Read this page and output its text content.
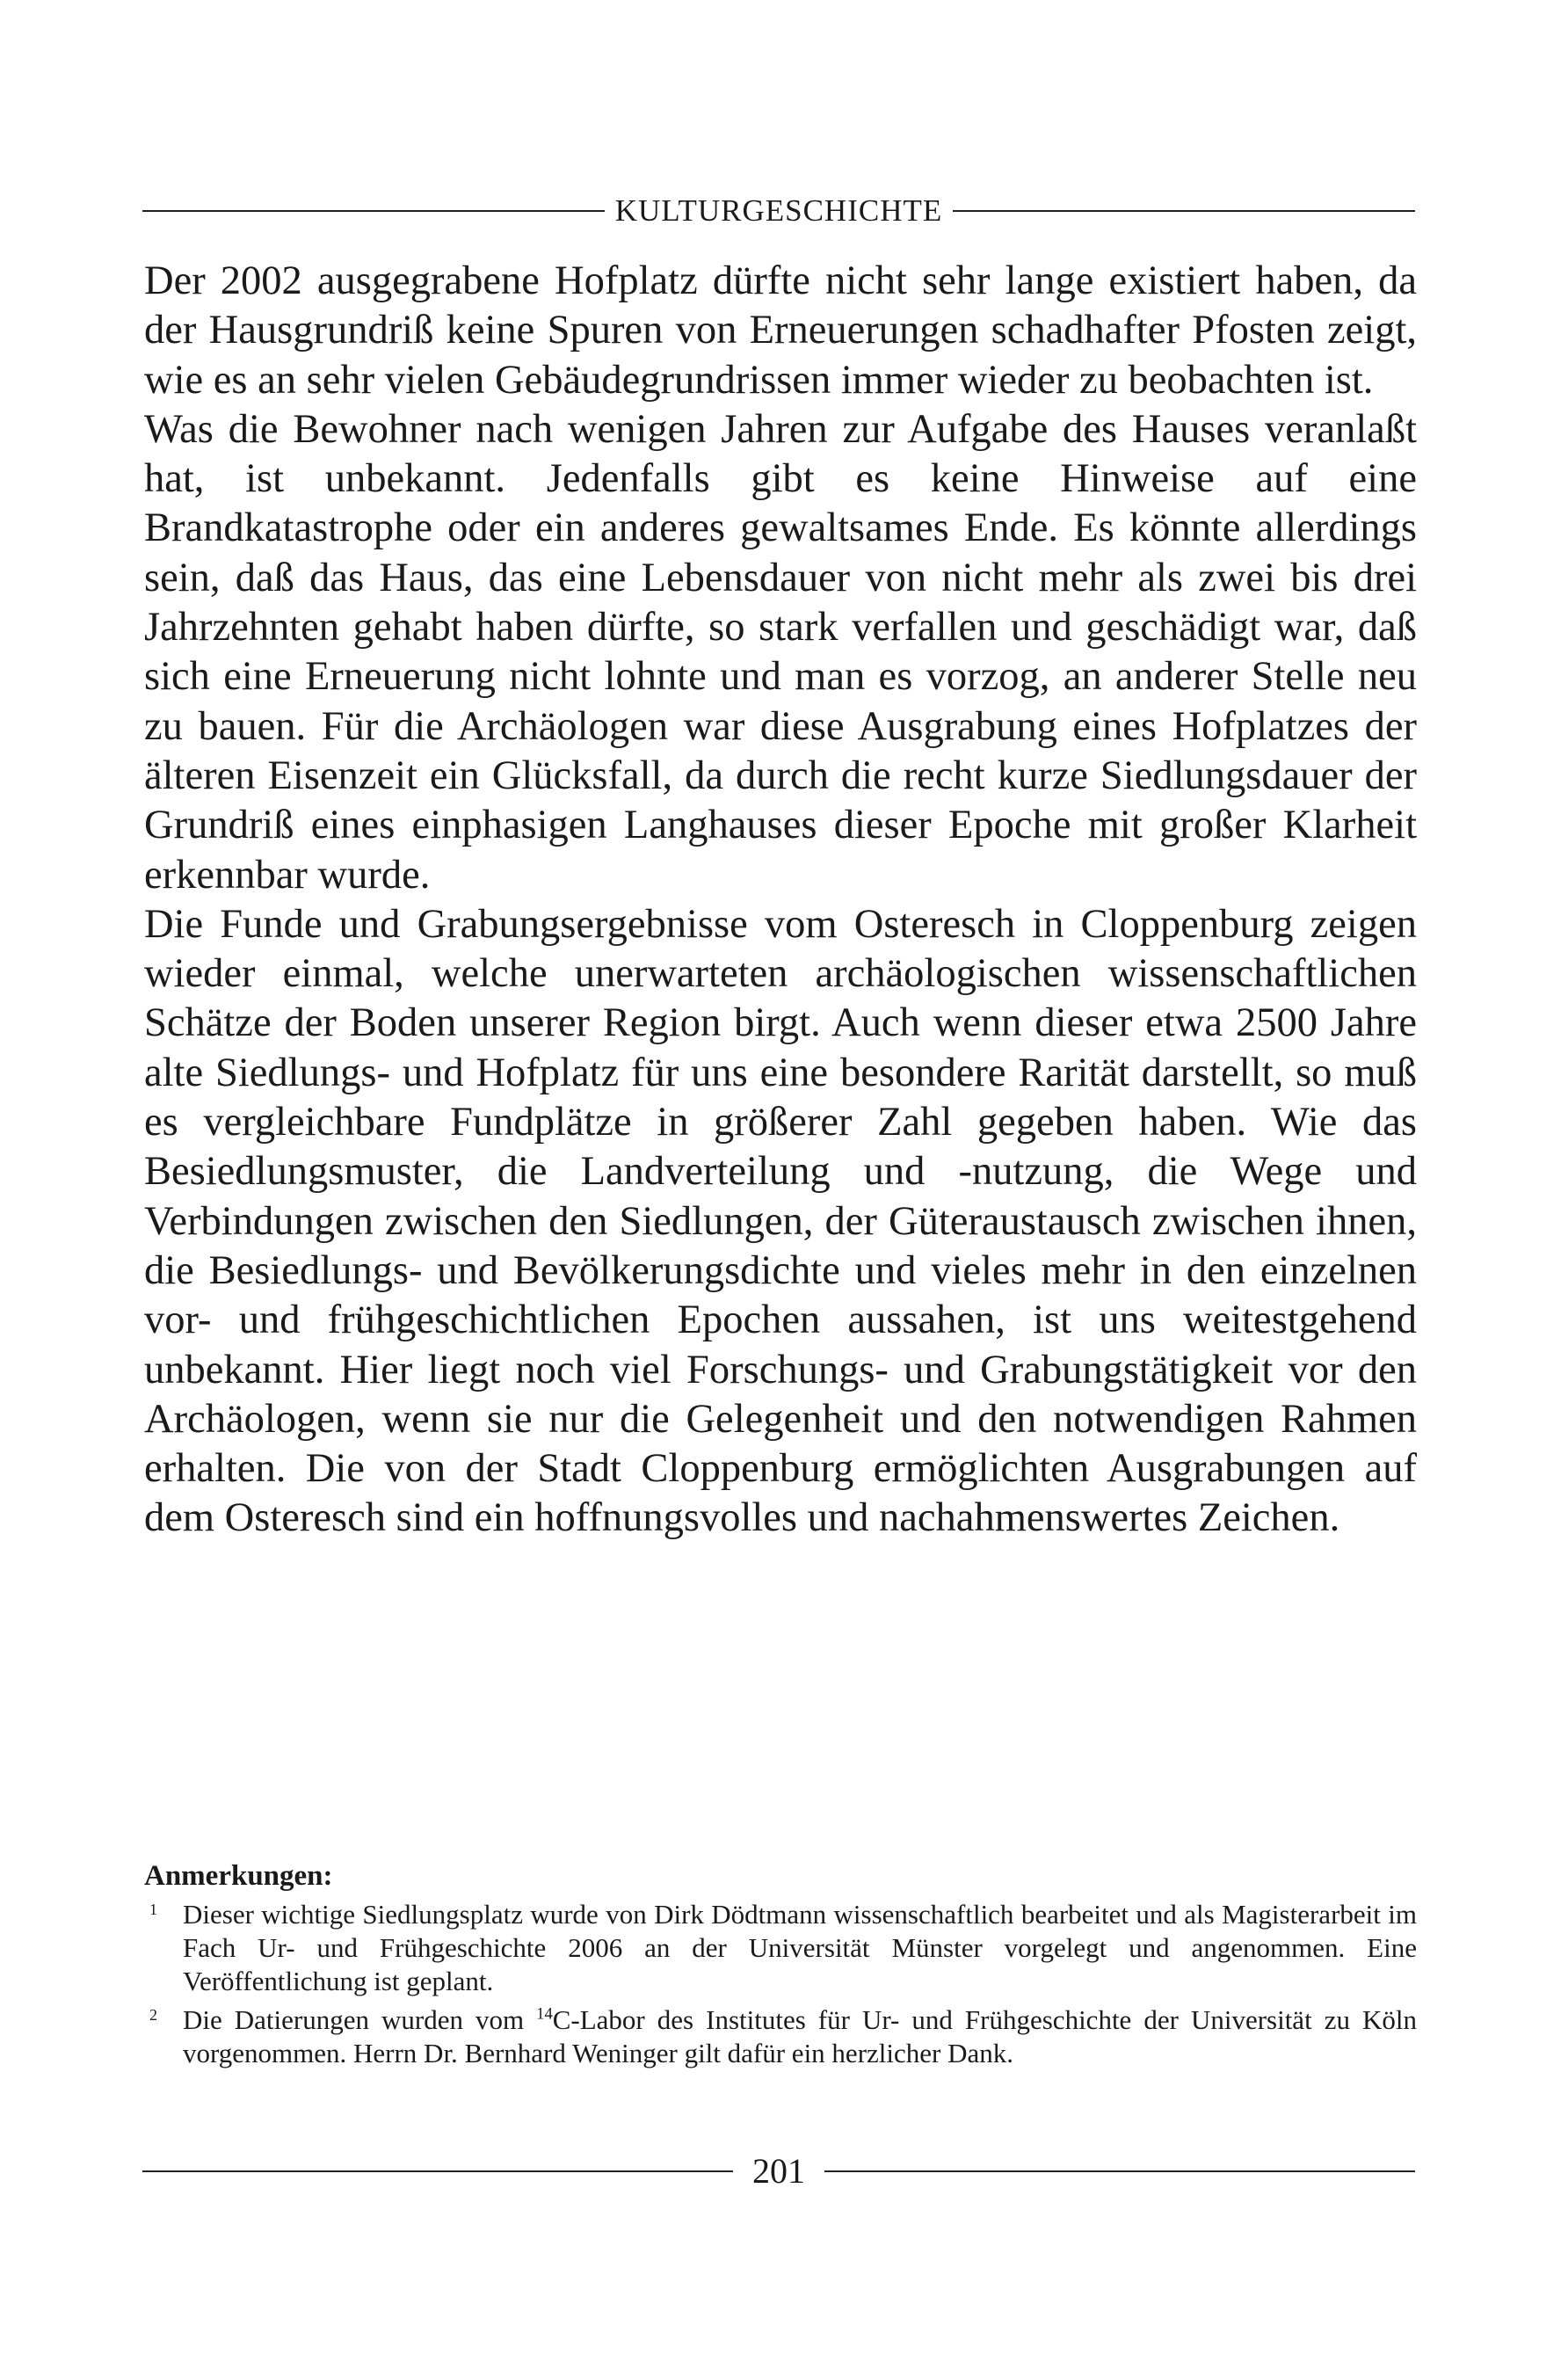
KULTURGESCHICHTE

Der 2002 ausgegrabene Hofplatz dürfte nicht sehr lange existiert haben, da der Hausgrundriß keine Spuren von Erneuerungen schadhafter Pfosten zeigt, wie es an sehr vielen Gebäudegrundrissen immer wieder zu beobachten ist.

Was die Bewohner nach wenigen Jahren zur Aufgabe des Hauses veranlaßt hat, ist unbekannt. Jedenfalls gibt es keine Hinweise auf eine Brandkatastrophe oder ein anderes gewaltsames Ende. Es könnte allerdings sein, daß das Haus, das eine Lebensdauer von nicht mehr als zwei bis drei Jahrzehnten gehabt haben dürfte, so stark verfallen und geschädigt war, daß sich eine Erneuerung nicht lohnte und man es vorzog, an anderer Stelle neu zu bauen. Für die Archäologen war diese Ausgrabung eines Hofplatzes der älteren Eisenzeit ein Glücksfall, da durch die recht kurze Siedlungsdauer der Grundriß eines einphasigen Langhauses dieser Epoche mit großer Klarheit erkennbar wurde.

Die Funde und Grabungsergebnisse vom Osteresch in Cloppenburg zeigen wieder einmal, welche unerwarteten archäologischen wissenschaftlichen Schätze der Boden unserer Region birgt. Auch wenn dieser etwa 2500 Jahre alte Siedlungs- und Hofplatz für uns eine besondere Rarität darstellt, so muß es vergleichbare Fundplätze in größerer Zahl gegeben haben. Wie das Besiedlungsmuster, die Landverteilung und -nutzung, die Wege und Verbindungen zwischen den Siedlungen, der Güteraustausch zwischen ihnen, die Besiedlungs- und Bevölkerungsdichte und vieles mehr in den einzelnen vor- und frühgeschichtlichen Epochen aussahen, ist uns weitestgehend unbekannt. Hier liegt noch viel Forschungs- und Grabungstätigkeit vor den Archäologen, wenn sie nur die Gelegenheit und den notwendigen Rahmen erhalten. Die von der Stadt Cloppenburg ermöglichten Ausgrabungen auf dem Osteresch sind ein hoffnungsvolles und nachahmenswertes Zeichen.

Anmerkungen:
1 Dieser wichtige Siedlungsplatz wurde von Dirk Dödtmann wissenschaftlich bearbeitet und als Magisterarbeit im Fach Ur- und Frühgeschichte 2006 an der Universität Münster vorgelegt und angenommen. Eine Veröffentlichung ist geplant.
2 Die Datierungen wurden vom $^{14}$C-Labor des Institutes für Ur- und Frühgeschichte der Universität zu Köln vorgenommen. Herrn Dr. Bernhard Weninger gilt dafür ein herzlicher Dank.
201
